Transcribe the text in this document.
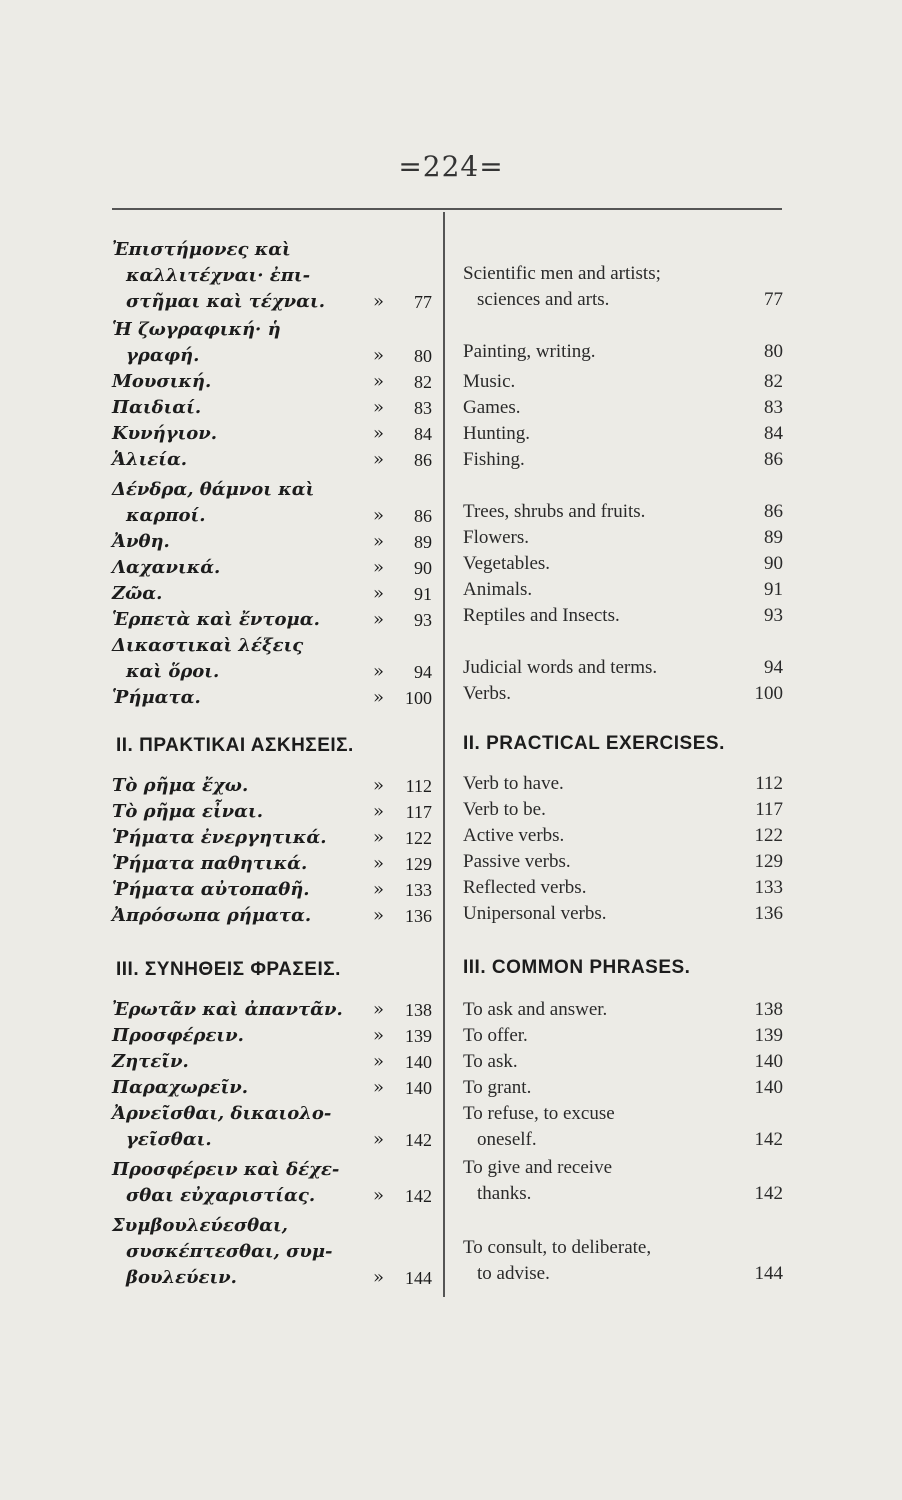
=224=
Ἐπιστήμονες καὶ
καλλιτέχναι· ἐπι-
στῆμαι καὶ τέχναι.	» 77
Ἡ ζωγραφική· ἡ
γραφή.	» 80
Μουσική.	» 82
Παιδιαί.	» 83
Κυνήγιον.	» 84
Ἁλιεία.	» 86
Δένδρα, θάμνοι καὶ
καρποί.	» 86
Ἀνθη.	» 89
Λαχανικά.	» 90
Ζῶα.	» 91
Ἑρπετὰ καὶ ἔντομα.	» 93
Δικαστικαὶ λέξεις
καὶ ὅροι.	» 94
Ῥήματα.	» 100
II. ΠΡΑΚΤΙΚΑΙ ΑΣΚΗΣΕΙΣ.
Τὸ ρῆμα ἔχω.	» 112
Τὸ ρῆμα εἶναι.	» 117
Ῥήματα ἐνεργητικά.	» 122
Ῥήματα παθητικά.	» 129
Ῥήματα αὐτοπαθῆ.	» 133
Ἀπρόσωπα ρήματα.	» 136
III. ΣΥΝΗΘΕΙΣ ΦΡΑΣΕΙΣ.
Ἐρωτᾶν καὶ ἀπαντᾶν. » 138
Προσφέρειν.	» 139
Ζητεῖν.	» 140
Παραχωρεῖν.	» 140
Ἀρνεῖσθαι, δικαιολο-
γεῖσθαι.	» 142
Προσφέρειν καὶ δέχε-
σθαι εὐχαριστίας.	» 142
Συμβουλεύεσθαι,
συσκέπτεσθαι, συμ-
βουλεύειν.	» 144
Scientific men and artists;
sciences and arts.	77
Painting, writing.	80
Music.	82
Games.	83
Hunting.	84
Fishing.	86
Trees, shrubs and fruits.	86
Flowers.	89
Vegetables.	90
Animals.	91
Reptiles and Insects.	93
Judicial words and terms.	94
Verbs.	100
II. PRACTICAL EXERCISES.
Verb to have.	112
Verb to be.	117
Active verbs.	122
Passive verbs.	129
Reflected verbs.	133
Unipersonal verbs.	136
III. COMMON PHRASES.
To ask and answer.	138
To offer.	139
To ask.	140
To grant.	140
To refuse, to excuse
oneself.	142
To give and receive
thanks.	142
To consult, to deliberate,
to advise.	144
